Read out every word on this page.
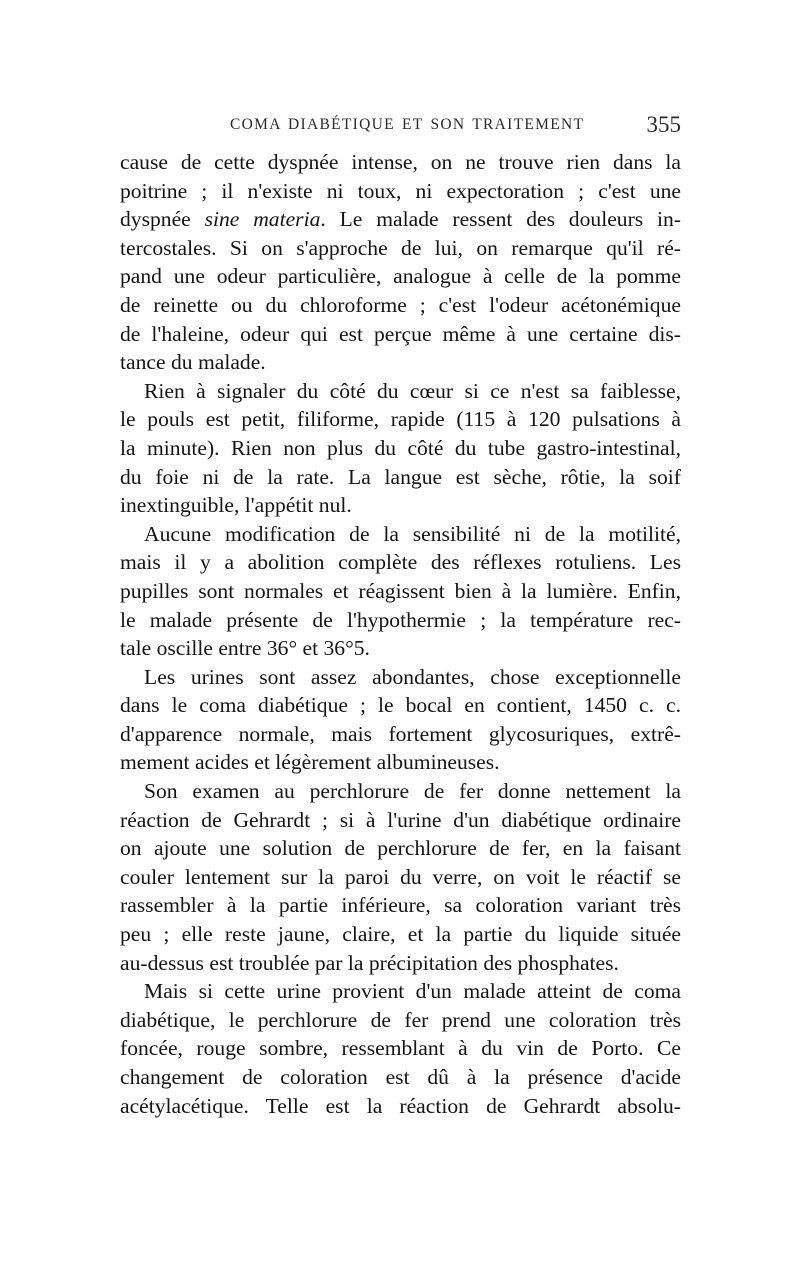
COMA DIABÉTIQUE ET SON TRAITEMENT	355
cause de cette dyspnée intense, on ne trouve rien dans la
poitrine ; il n'existe ni toux, ni expectoration ; c'est une
dyspnée sine materia. Le malade ressent des douleurs in-
tercostales. Si on s'approche de lui, on remarque qu'il ré-
pand une odeur particulière, analogue à celle de la pomme
de reinette ou du chloroforme ; c'est l'odeur acétonémique
de l'haleine, odeur qui est perçue même à une certaine dis-
tance du malade.
Rien à signaler du côté du cœur si ce n'est sa faiblesse,
le pouls est petit, filiforme, rapide (115 à 120 pulsations à
la minute). Rien non plus du côté du tube gastro-intestinal,
du foie ni de la rate. La langue est sèche, rôtie, la soif
inextinguible, l'appétit nul.
Aucune modification de la sensibilité ni de la motilité,
mais il y a abolition complète des réflexes rotuliens. Les
pupilles sont normales et réagissent bien à la lumière. Enfin,
le malade présente de l'hypothermie ; la température rec-
tale oscille entre 36° et 36°5.
Les urines sont assez abondantes, chose exceptionnelle
dans le coma diabétique ; le bocal en contient, 1450 c. c.
d'apparence normale, mais fortement glycosuriques, extrê-
mement acides et légèrement albumineuses.
Son examen au perchlorure de fer donne nettement la
réaction de Gehrardt ; si à l'urine d'un diabétique ordinaire
on ajoute une solution de perchlorure de fer, en la faisant
couler lentement sur la paroi du verre, on voit le réactif se
rassembler à la partie inférieure, sa coloration variant très
peu ; elle reste jaune, claire, et la partie du liquide située
au-dessus est troublée par la précipitation des phosphates.
Mais si cette urine provient d'un malade atteint de coma
diabétique, le perchlorure de fer prend une coloration très
foncée, rouge sombre, ressemblant à du vin de Porto. Ce
changement de coloration est dû à la présence d'acide
acétylacétique. Telle est la réaction de Gehrardt absolu-
